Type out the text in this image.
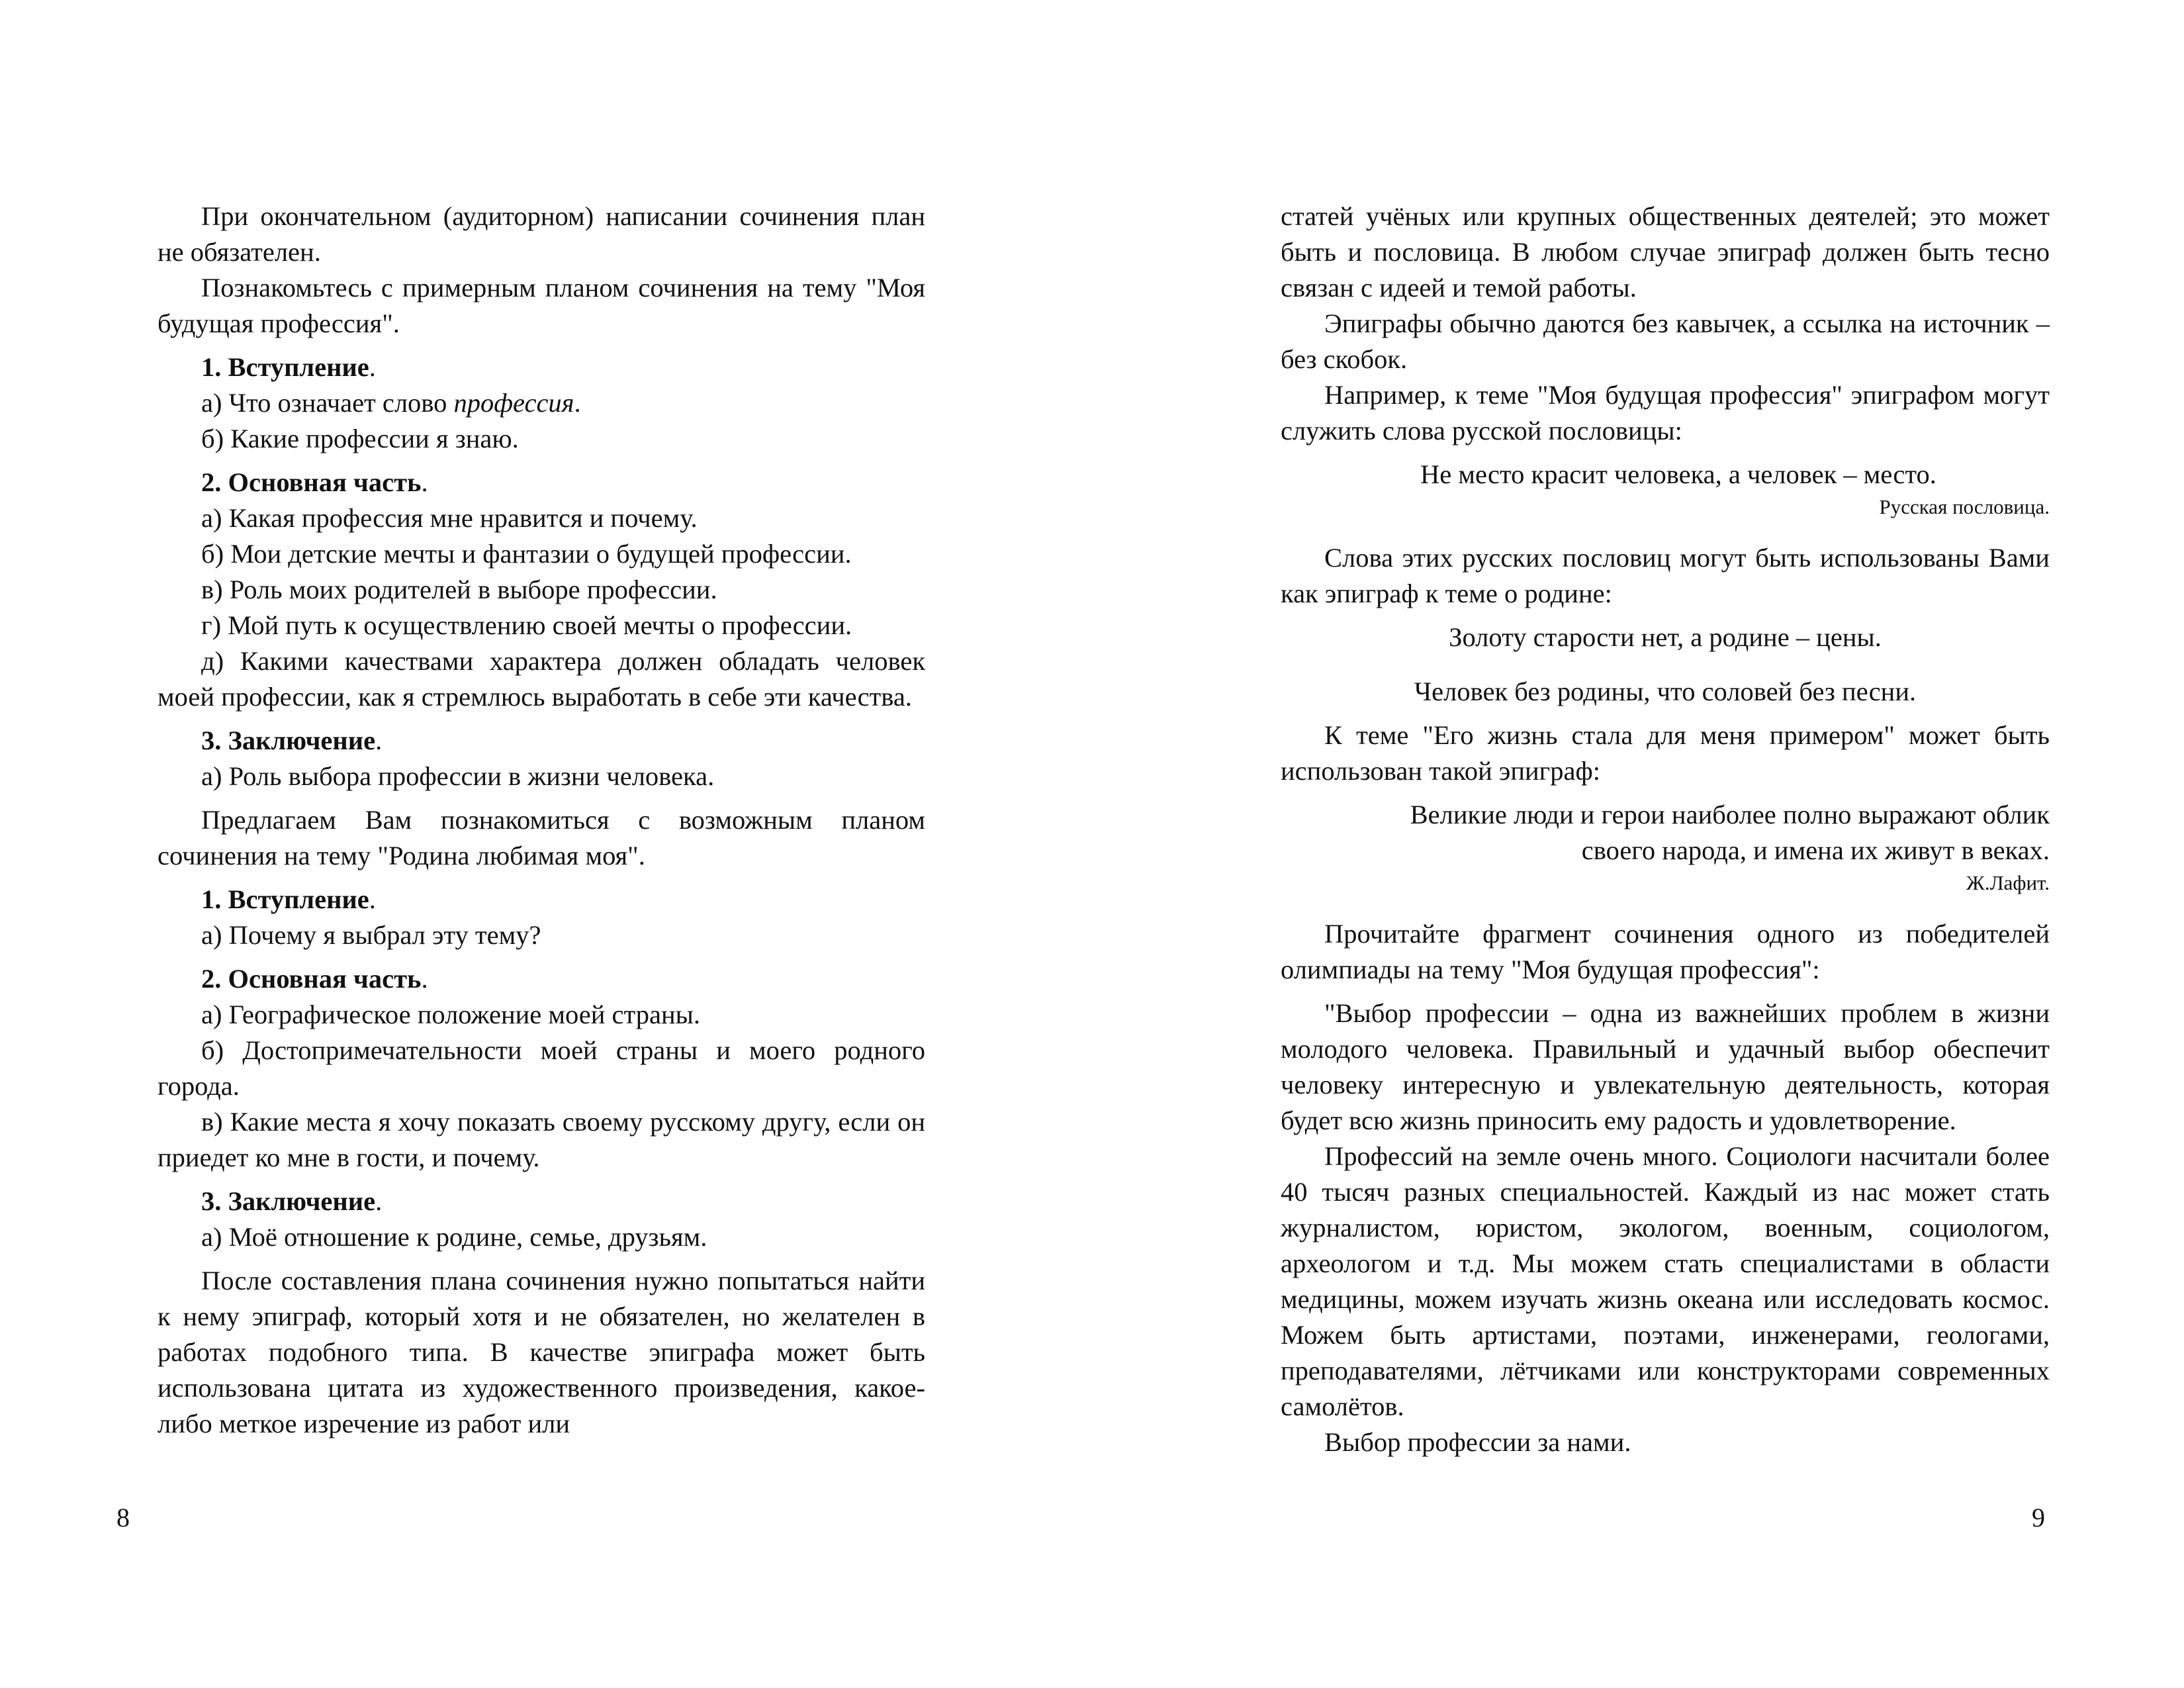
При окончательном (аудиторном) написании сочинения план не обязателен.

Познакомьтесь с примерным планом сочинения на тему "Моя будущая профессия".

1. Вступление.

а) Что означает слово профессия.

б) Какие профессии я знаю.

2. Основная часть.

а) Какая профессия мне нравится и почему.

б) Мои детские мечты и фантазии о будущей профессии.

в) Роль моих родителей в выборе профессии.

г) Мой путь к осуществлению своей мечты о профессии.

д) Какими качествами характера должен обладать человек моей профессии, как я стремлюсь выработать в себе эти качества.

3. Заключение.

а) Роль выбора профессии в жизни человека.

Предлагаем Вам познакомиться с возможным планом сочинения на тему "Родина любимая моя".

1. Вступление.

а) Почему я выбрал эту тему?

2. Основная часть.

а) Географическое положение моей страны.

б) Достопримечательности моей страны и моего родного города.

в) Какие места я хочу показать своему русскому другу, если он приедет ко мне в гости, и почему.

3. Заключение.

а) Моё отношение к родине, семье, друзьям.

После составления плана сочинения нужно попытаться найти к нему эпиграф, который хотя и не обязателен, но желателен в работах подобного типа. В качестве эпиграфа может быть использована цитата из художественного произведения, какое-либо меткое изречение из работ или

8

статей учёных или крупных общественных деятелей; это может быть и пословица. В любом случае эпиграф должен быть тесно связан с идеей и темой работы.

Эпиграфы обычно даются без кавычек, а ссылка на источник – без скобок.

Например, к теме "Моя будущая профессия" эпиграфом могут служить слова русской пословицы:

Не место красит человека, а человек – место.

Русская пословица.

Слова этих русских пословиц могут быть использованы Вами как эпиграф к теме о родине:

Золоту старости нет, а родине – цены.

Человек без родины, что соловей без песни.

К теме "Его жизнь стала для меня примером" может быть использован такой эпиграф:

Великие люди и герои наиболее полно выражают облик

своего народа, и имена их живут в веках.

Ж.Лафит.

Прочитайте фрагмент сочинения одного из победителей олимпиады на тему "Моя будущая профессия":

"Выбор профессии – одна из важнейших проблем в жизни молодого человека. Правильный и удачный выбор обеспечит человеку интересную и увлекательную деятельность, которая будет всю жизнь приносить ему радость и удовлетворение.

Профессий на земле очень много. Социологи насчитали более 40 тысяч разных специальностей. Каждый из нас может стать журналистом, юристом, экологом, военным, социологом, археологом и т.д. Мы можем стать специалистами в области медицины, можем изучать жизнь океана или исследовать космос. Можем быть артистами, поэтами, инженерами, геологами, преподавателями, лётчиками или конструкторами современных самолётов.

Выбор профессии за нами.

9
